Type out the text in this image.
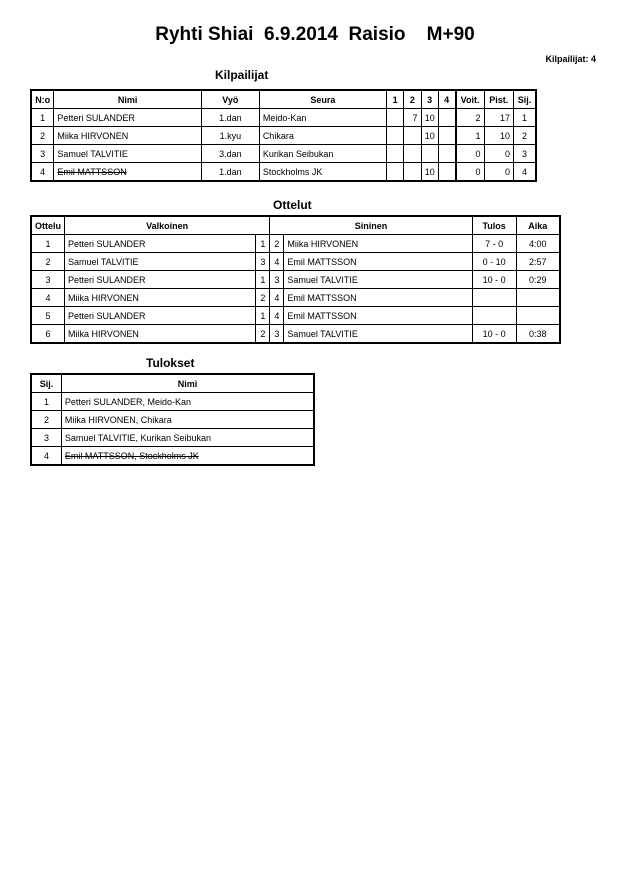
Ryhti Shiai  6.9.2014  Raisio    M+90
Kilpailijat: 4
Kilpailijat
N:o	Nimi	Vyö	Seura	1	2	3	4	Voit.	Pist.	Sij.
1	Petteri SULANDER	1.dan	Meido-Kan		7	10		2	17	1
2	Miika HIRVONEN	1.kyu	Chikara			10		1	10	2
3	Samuel TALVITIE	3.dan	Kurikan Seibukan					0	0	3
4	Emil MATTSSON	1.dan	Stockholms JK			10		0	0	4
Ottelut
Ottelu	Valkoinen		Sininen		Tulos	Aika
1	Petteri SULANDER	1	2	Miika HIRVONEN	7 - 0	4:00
2	Samuel TALVITIE	3	4	Emil MATTSSON	0 - 10	2:57
3	Petteri SULANDER	1	3	Samuel TALVITIE	10 - 0	0:29
4	Miika HIRVONEN	2	4	Emil MATTSSON		
5	Petteri SULANDER	1	4	Emil MATTSSON		
6	Miika HIRVONEN	2	3	Samuel TALVITIE	10 - 0	0:38
Tulokset
Sij.	Nimi
1	Petteri SULANDER, Meido-Kan
2	Miika HIRVONEN, Chikara
3	Samuel TALVITIE, Kurikan Seibukan
4	Emil MATTSSON, Stockholms JK
